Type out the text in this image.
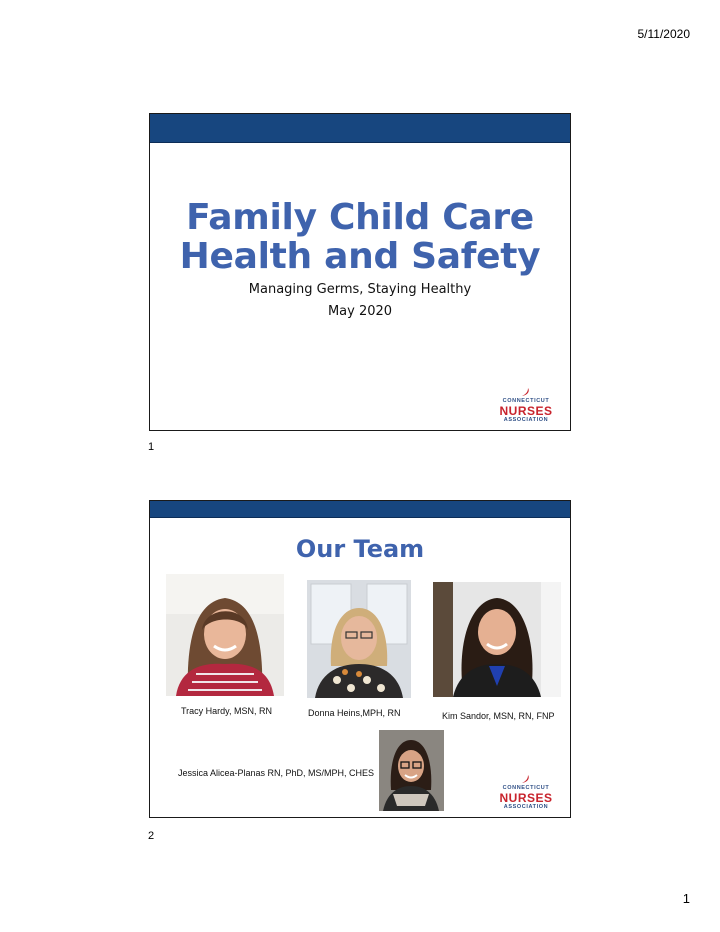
5/11/2020
Family Child Care
Health and Safety
Managing Germs, Staying Healthy
May 2020
CONNECTICUT
NURSES
ASSOCIATION
1
Our Team
Tracy Hardy, MSN, RN	Donna Heins,MPH, RN	Kim Sandor, MSN, RN, FNP
Jessica Alicea-Planas RN, PhD, MS/MPH, CHES
CONNECTICUT
NURSES
ASSOCIATION
2
1
